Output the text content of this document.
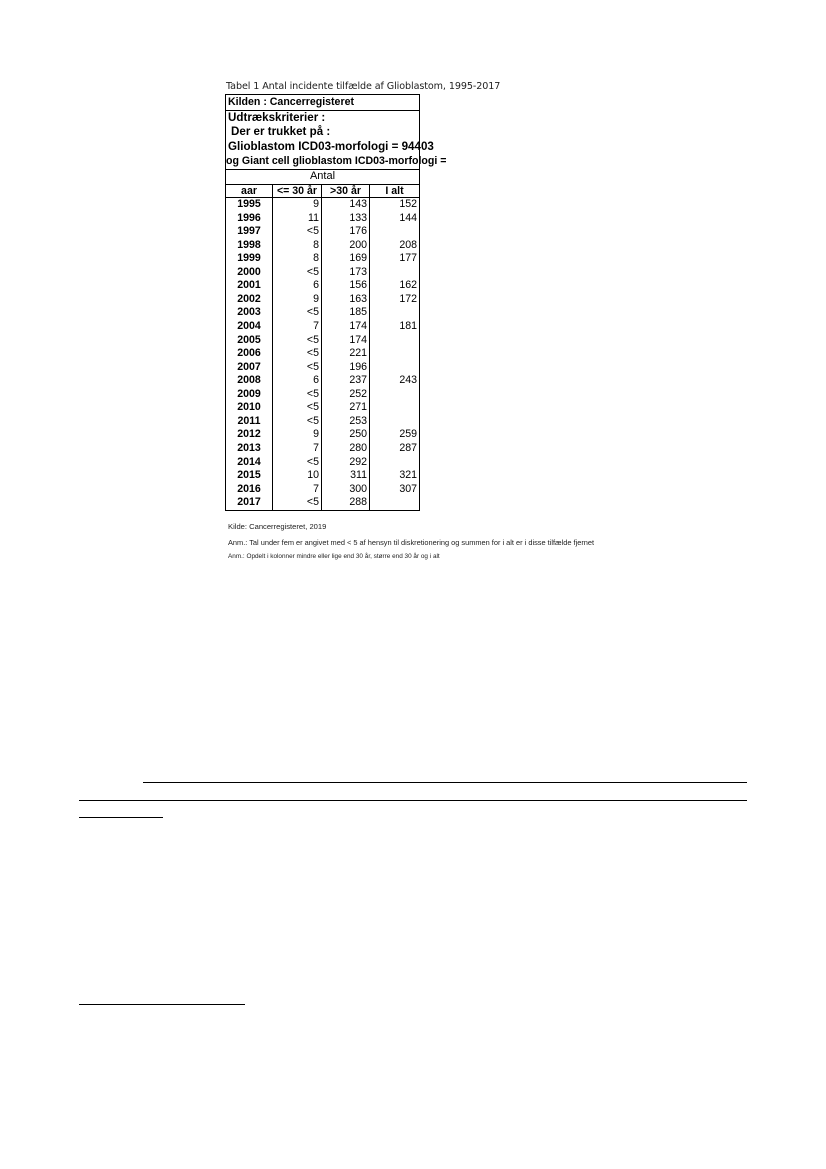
Tabel 1 Antal incidente tilfælde af Glioblastom, 1995-2017
Kilden : Cancerregisteret
Udtrækskriterier :
Der er trukket på :
Glioblastom ICD03-morfologi = 94403
og Giant cell glioblastom ICD03-morfologi =
Antal
aar	<= 30 år	>30 år	I alt
1995	9	143	152
1996	11	133	144
1997	<5	176
1998	8	200	208
1999	8	169	177
2000	<5	173
2001	6	156	162
2002	9	163	172
2003	<5	185
2004	7	174	181
2005	<5	174
2006	<5	221
2007	<5	196
2008	6	237	243
2009	<5	252
2010	<5	271
2011	<5	253
2012	9	250	259
2013	7	280	287
2014	<5	292
2015	10	311	321
2016	7	300	307
2017	<5	288
Kilde: Cancerregisteret, 2019
Anm.: Tal under fem er angivet med < 5 af hensyn til diskretionering og summen for i alt er i disse tilfælde fjernet
Anm.: Opdelt i kolonner mindre eller lige end 30 år, større end 30 år og i alt
